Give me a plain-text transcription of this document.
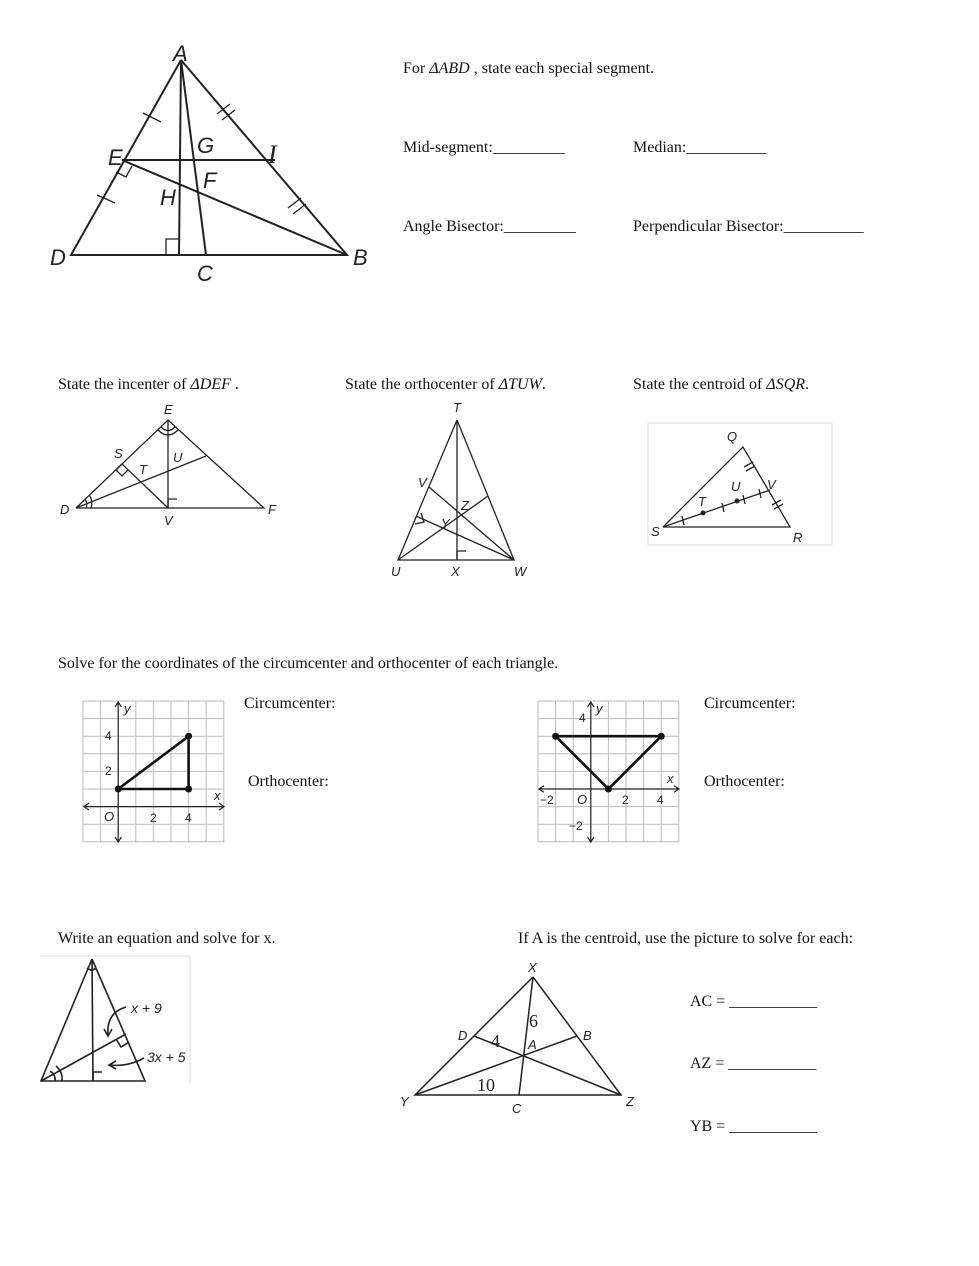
A
E	G I
F
H
D	B
C
For ΔABD , state each special segment.
Mid-segment:_________	Median:__________
Angle Bisector:_________	Perpendicular Bisector:__________
State the incenter of ΔDEF .	State the orthocenter of ΔTUW.	State the centroid of ΔSQR.
E
S
T
U
D
V
F
T
V
Z
Y
U	X	W
Q
U V
T
S	R
Solve for the coordinates of the circumcenter and orthocenter of each triangle.
y
x
4
2
O	2 4
Circumcenter:
Orthocenter:
y
x
4
−2 O	2 4
−2
Circumcenter:
Orthocenter:
Write an equation and solve for x.	If A is the centroid, use the picture to solve for each:
x + 9
3x + 5
X
D	B
A
Y	C	Z
6
4
10
AC = ___________
AZ = ___________
YB = ___________
